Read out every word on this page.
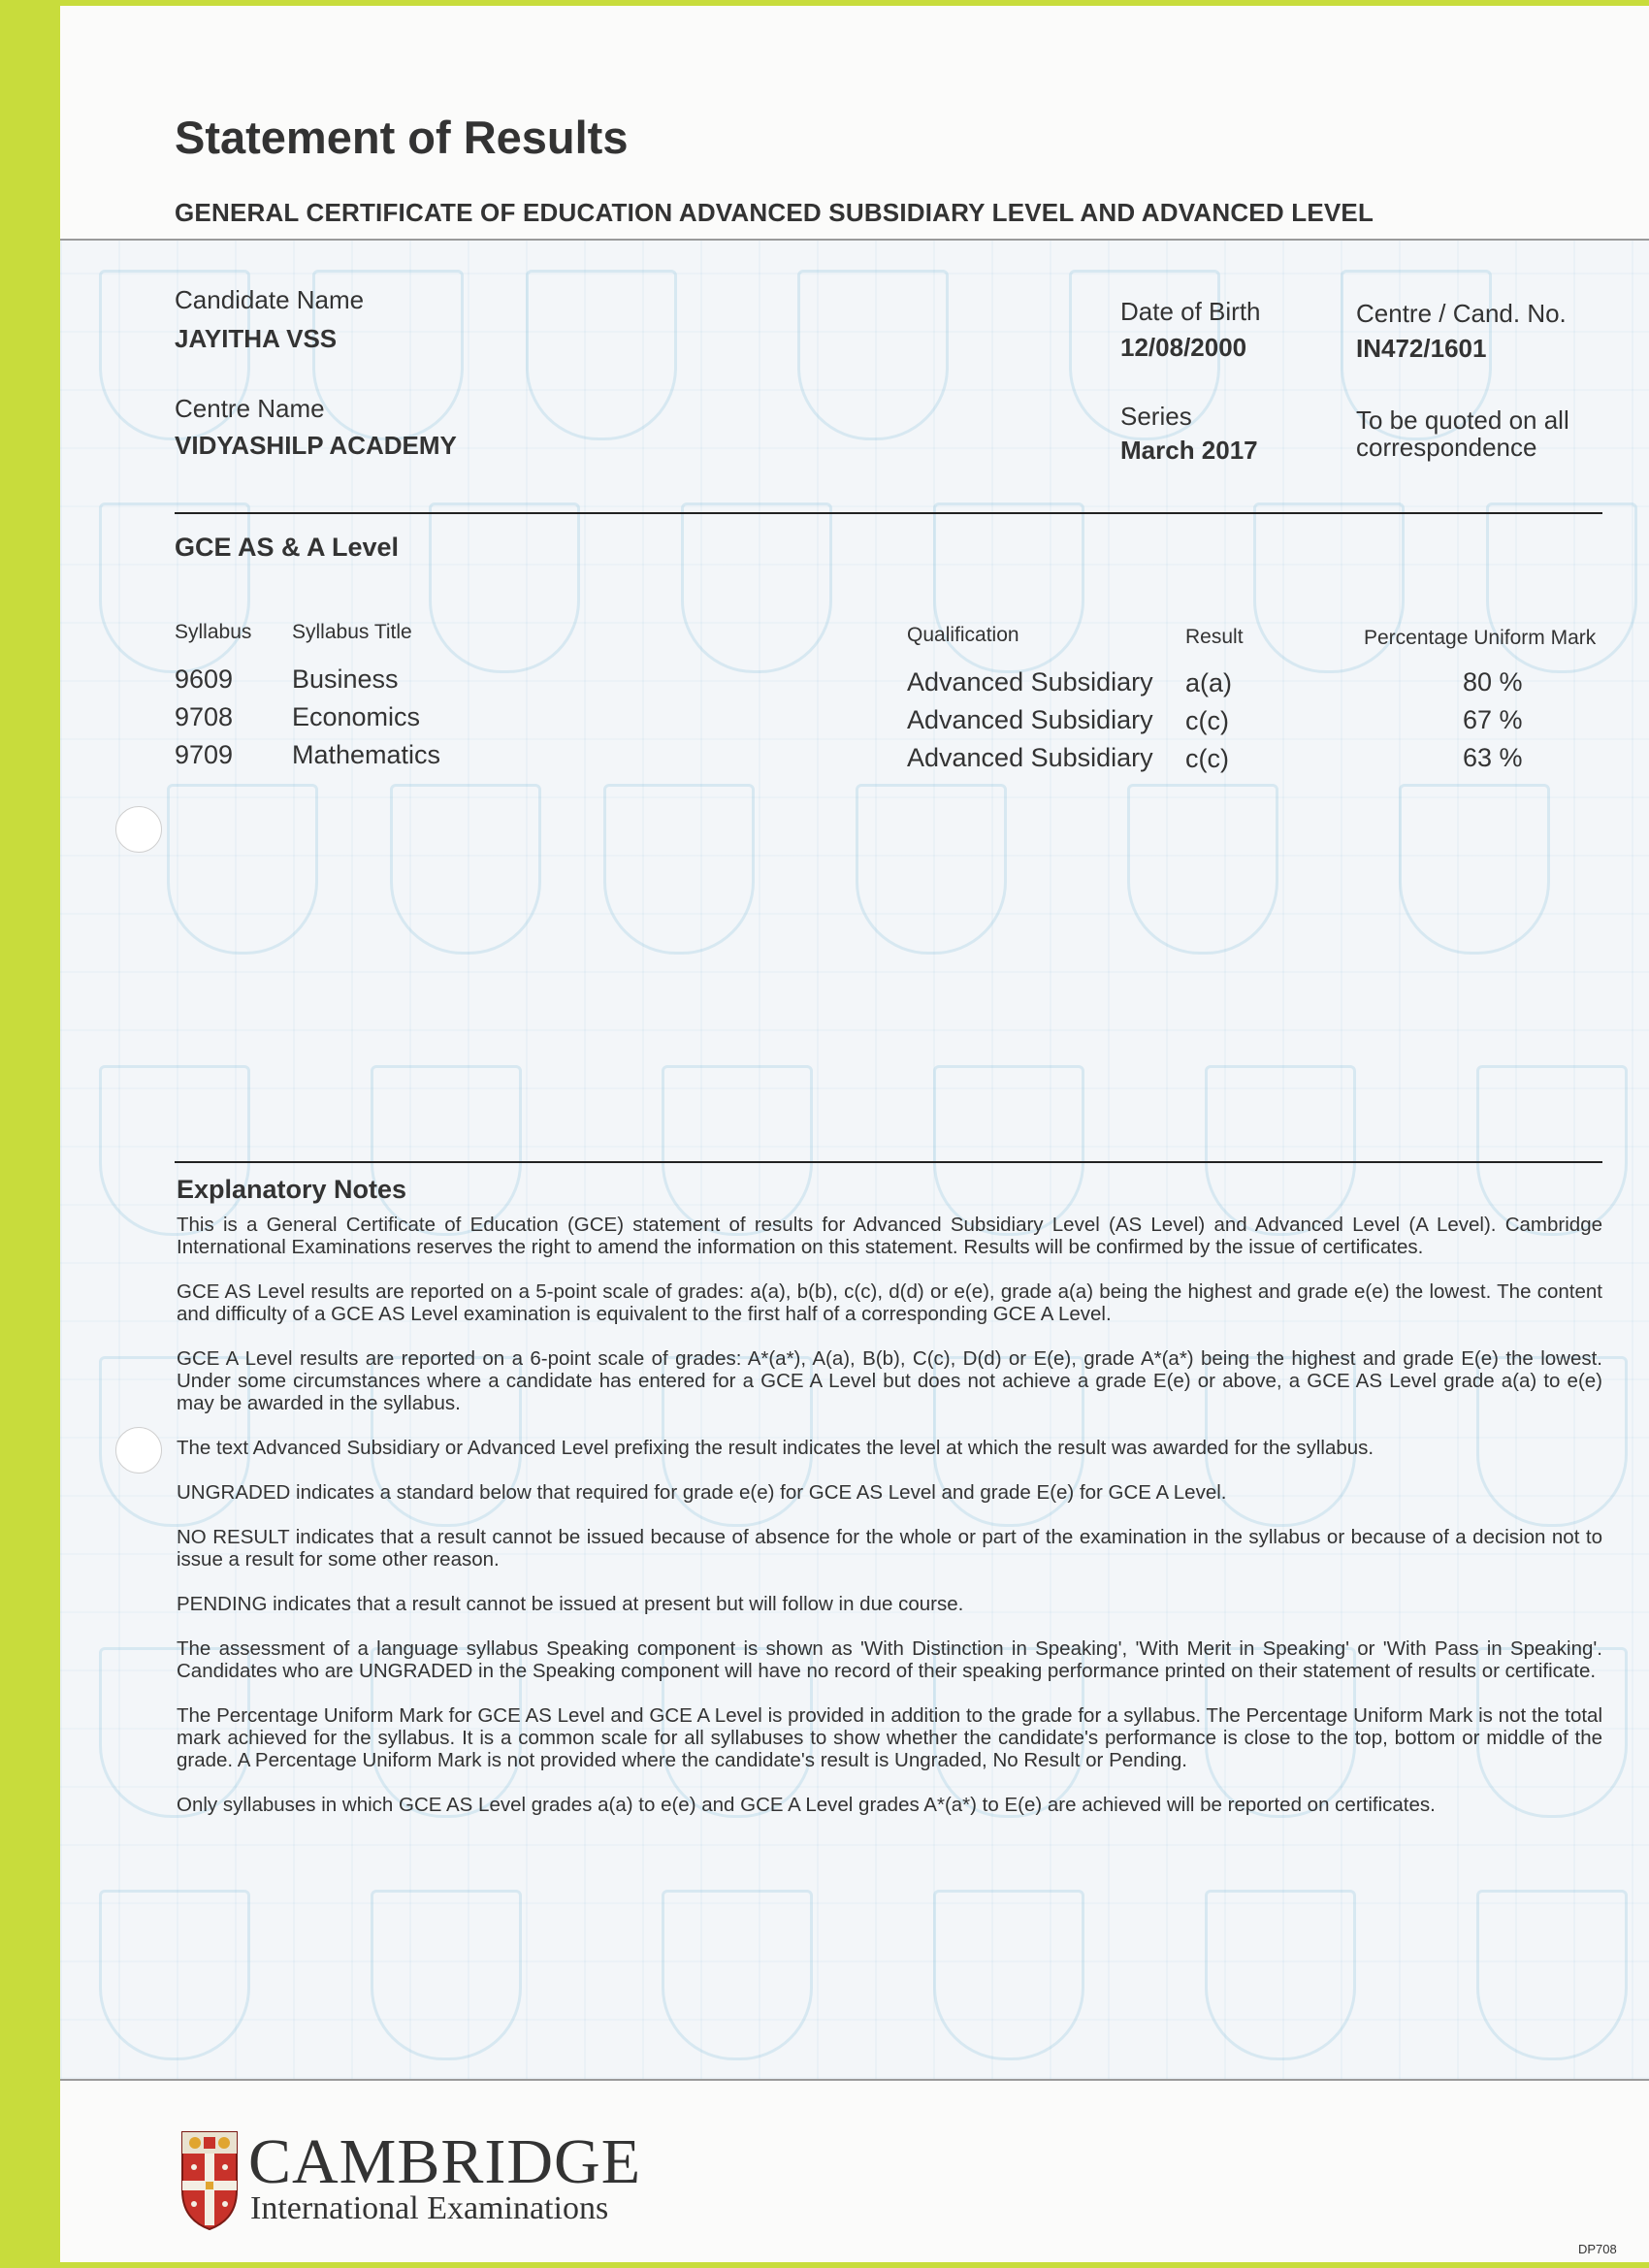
Statement of Results
GENERAL CERTIFICATE OF EDUCATION ADVANCED SUBSIDIARY LEVEL AND ADVANCED LEVEL
Candidate Name
JAYITHA VSS
Centre Name
VIDYASHILP ACADEMY
Date of Birth
12/08/2000
Series
March 2017
Centre / Cand. No.
IN472/1601
To be quoted on all
correspondence
GCE AS & A Level
Syllabus Syllabus Title	Qualification	Result	Percentage Uniform Mark
9609 Business	Advanced Subsidiary a(a)	80 %
9708 Economics	Advanced Subsidiary c(c)	67 %
9709 Mathematics	Advanced Subsidiary c(c)	63 %
Explanatory Notes

This is a General Certificate of Education (GCE) statement of results for Advanced Subsidiary Level (AS Level) and Advanced Level (A Level). Cambridge International Examinations reserves the right to amend the information on this statement. Results will be confirmed by the issue of certificates.

GCE AS Level results are reported on a 5-point scale of grades: a(a), b(b), c(c), d(d) or e(e), grade a(a) being the highest and grade e(e) the lowest. The content and difficulty of a GCE AS Level examination is equivalent to the first half of a corresponding GCE A Level.

GCE A Level results are reported on a 6-point scale of grades: A*(a*), A(a), B(b), C(c), D(d) or E(e), grade A*(a*) being the highest and grade E(e) the lowest. Under some circumstances where a candidate has entered for a GCE A Level but does not achieve a grade E(e) or above, a GCE AS Level grade a(a) to e(e) may be awarded in the syllabus.

The text Advanced Subsidiary or Advanced Level prefixing the result indicates the level at which the result was awarded for the syllabus.

UNGRADED indicates a standard below that required for grade e(e) for GCE AS Level and grade E(e) for GCE A Level.

NO RESULT indicates that a result cannot be issued because of absence for the whole or part of the examination in the syllabus or because of a decision not to issue a result for some other reason.

PENDING indicates that a result cannot be issued at present but will follow in due course.

The assessment of a language syllabus Speaking component is shown as 'With Distinction in Speaking', 'With Merit in Speaking' or 'With Pass in Speaking'. Candidates who are UNGRADED in the Speaking component will have no record of their speaking performance printed on their statement of results or certificate.

The Percentage Uniform Mark for GCE AS Level and GCE A Level is provided in addition to the grade for a syllabus. The Percentage Uniform Mark is not the total mark achieved for the syllabus. It is a common scale for all syllabuses to show whether the candidate's performance is close to the top, bottom or middle of the grade. A Percentage Uniform Mark is not provided where the candidate's result is Ungraded, No Result or Pending.

Only syllabuses in which GCE AS Level grades a(a) to e(e) and GCE A Level grades A*(a*) to E(e) are achieved will be reported on certificates.

CAMBRIDGE
International Examinations
DP708
